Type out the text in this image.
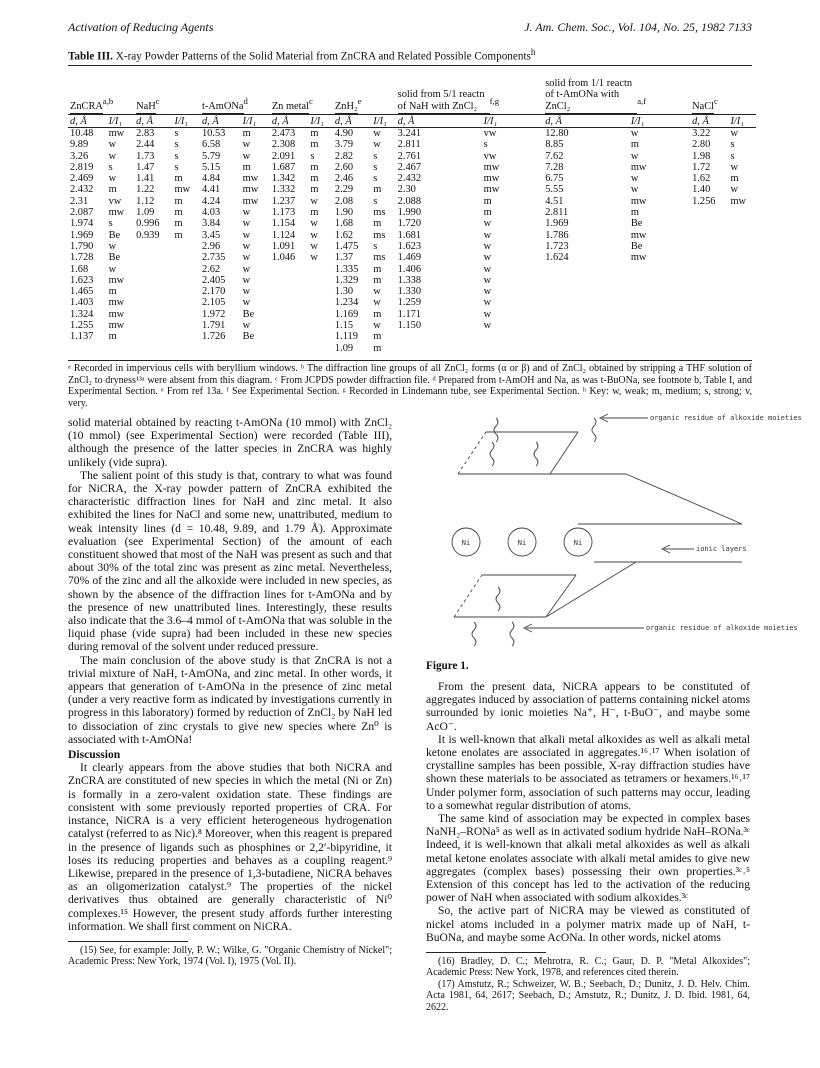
Activation of Reducing Agents	J. Am. Chem. Soc., Vol. 104, No. 25, 1982 7133
Table III. X-ray Powder Patterns of the Solid Material from ZnCRA and Related Possible Components$^h$
ZnCRA$^{a,b}$		NaH$^c$		t-AmONa$^d$		Zn metal$^c$		ZnH₂$^e$		solid from 5/1 reactn of NaH with ZnCl₂ $^{f,g}$		solid from 1/1 reactn of t-AmONa with ZnCl₂ $^{a,f}$		NaCl$^c$
d, Å	I/I₁	d, Å	I/I₁	d, Å	I/I₁	d, Å	I/I₁	d, Å	I/I₁	d, Å	I/I₁	d, Å	I/I₁	d, Å	I/I₁
10.48	mw	2.83	s	10.53	m	2.473	m	4.90	w	3.241	vw	12.80	w	3.22	w
9.89	w	2.44	s	6.58	w	2.308	m	3.79	w	2.811	s	8.85	m	2.80	s
3.26	w	1.73	s	5.79	w	2.091	s	2.82	s	2.761	vw	7.62	w	1.98	s
2.819	s	1.47	s	5.15	m	1.687	m	2.60	s	2.467	mw	7.28	mw	1.72	w
2.469	w	1.41	m	4.84	mw	1.342	m	2.46	s	2.432	mw	6.75	w	1.62	m
2.432	m	1.22	mw	4.41	mw	1.332	m	2.29	m	2.30	mw	5.55	w	1.40	w
2.31	vw	1.12	m	4.24	mw	1.237	w	2.08	s	2.088	m	4.51	mw	1.256	mw
2.087	mw	1.09	m	4.03	w	1.173	m	1.90	ms	1.990	m	2.811	m		
1.974	s	0.996	m	3.84	w	1.154	w	1.68	m	1.720	w	1.969	Be		
1.969	Be	0.939	m	3.45	w	1.124	w	1.62	ms	1.681	w	1.786	mw		
1.790	w			2.96	w	1.091	w	1.475	s	1.623	w	1.723	Be		
1.728	Be			2.735	w	1.046	w	1.37	ms	1.469	w	1.624	mw		
1.68	w			2.62	w			1.335	m	1.406	w				
1.623	mw			2.405	w			1.329	m	1.338	w				
1.465	m			2.170	w			1.30	w	1.330	w				
1.403	mw			2.105	w			1.234	w	1.259	w				
1.324	mw			1.972	Be			1.169	m	1.171	w				
1.255	mw			1.791	w			1.15	w	1.150	w				
1.137	m			1.726	Be			1.119	m						
								1.09	m						
ᵃ Recorded in impervious cells with beryllium windows. ᵇ The diffraction line groups of all ZnCl₂ forms (α or β) and of ZnCl₂ obtained by stripping a THF solution of ZnCl₂ to dryness¹³ᵃ were absent from this diagram. ᶜ From JCPDS powder diffraction file. ᵈ Prepared from t-AmOH and Na, as was t-BuONa, see footnote b, Table I, and Experimental Section. ᵉ From ref 13a. ᶠ See Experimental Section. ᵍ Recorded in Lindemann tube, see Experimental Section. ʰ Key: w, weak; m, medium; s, strong; v, very.

solid material obtained by reacting t-AmONa (10 mmol) with ZnCl₂ (10 mmol) (see Experimental Section) were recorded (Table III), although the presence of the latter species in ZnCRA was highly unlikely (vide supra).

The salient point of this study is that, contrary to what was found for NiCRA, the X-ray powder pattern of ZnCRA exhibited the characteristic diffraction lines for NaH and zinc metal. It also exhibited the lines for NaCl and some new, unattributed, medium to weak intensity lines (d = 10.48, 9.89, and 1.79 Å). Approximate evaluation (see Experimental Section) of the amount of each constituent showed that most of the NaH was present as such and that about 30% of the total zinc was present as zinc metal. Nevertheless, 70% of the zinc and all the alkoxide were included in new species, as shown by the absence of the diffraction lines for t-AmONa and by the presence of new unattributed lines. Interestingly, these results also indicate that the 3.6–4 mmol of t-AmONa that was soluble in the liquid phase (vide supra) had been included in these new species during removal of the solvent under reduced pressure.

The main conclusion of the above study is that ZnCRA is not a trivial mixture of NaH, t-AmONa, and zinc metal. In other words, it appears that generation of t-AmONa in the presence of zinc metal (under a very reactive form as indicated by investigations currently in progress in this laboratory) formed by reduction of ZnCl₂ by NaH led to dissociation of zinc crystals to give new species where Zn⁰ is associated with t-AmONa!

Discussion

It clearly appears from the above studies that both NiCRA and ZnCRA are constituted of new species in which the metal (Ni or Zn) is formally in a zero-valent oxidation state. These findings are consistent with some previously reported properties of CRA. For instance, NiCRA is a very efficient heterogeneous hydrogenation catalyst (referred to as Nic).⁸ Moreover, when this reagent is prepared in the presence of ligands such as phosphines or 2,2′-bipyridine, it loses its reducing properties and behaves as a coupling reagent.⁹ Likewise, prepared in the presence of 1,3-butadiene, NiCRA behaves as an oligomerization catalyst.⁹ The properties of the nickel derivatives thus obtained are generally characteristic of Ni⁰ complexes.¹⁵ However, the present study affords further interesting information. We shall first comment on NiCRA.

(15) See, for example: Jolly, P. W.; Wilke, G. "Organic Chemistry of Nickel"; Academic Press: New York, 1974 (Vol. I), 1975 (Vol. II).

Ni	Ni	Ni
organic residue of alkoxide moieties
ionic layers
organic residue of alkoxide moieties
Figure 1.

From the present data, NiCRA appears to be constituted of aggregates induced by association of patterns containing nickel atoms surrounded by ionic moieties Na⁺, H⁻, t-BuO⁻, and maybe some AcO⁻.

It is well-known that alkali metal alkoxides as well as alkali metal ketone enolates are associated in aggregates.¹⁶˒¹⁷ When isolation of crystalline samples has been possible, X-ray diffraction studies have shown these materials to be associated as tetramers or hexamers.¹⁶˒¹⁷ Under polymer form, association of such patterns may occur, leading to a somewhat regular distribution of atoms.

The same kind of association may be expected in complex bases NaNH₂–RONa⁵ as well as in activated sodium hydride NaH–RONa.³ᶜ Indeed, it is well-known that alkali metal alkoxides as well as alkali metal ketone enolates associate with alkali metal amides to give new aggregates (complex bases) possessing their own properties.³ᶜ˒⁵ Extension of this concept has led to the activation of the reducing power of NaH when associated with sodium alkoxides.³ᶜ

So, the active part of NiCRA may be viewed as constituted of nickel atoms included in a polymer matrix made up of NaH, t-BuONa, and maybe some AcONa. In other words, nickel atoms

(16) Bradley, D. C.; Mehrotra, R. C.; Gaur, D. P. "Metal Alkoxides"; Academic Press: New York, 1978, and references cited therein.

(17) Amstutz, R.; Schweizer, W. B.; Seebach, D.; Dunitz, J. D. Helv. Chim. Acta 1981, 64, 2617; Seebach, D.; Amstutz, R.; Dunitz, J. D. Ibid. 1981, 64, 2622.
